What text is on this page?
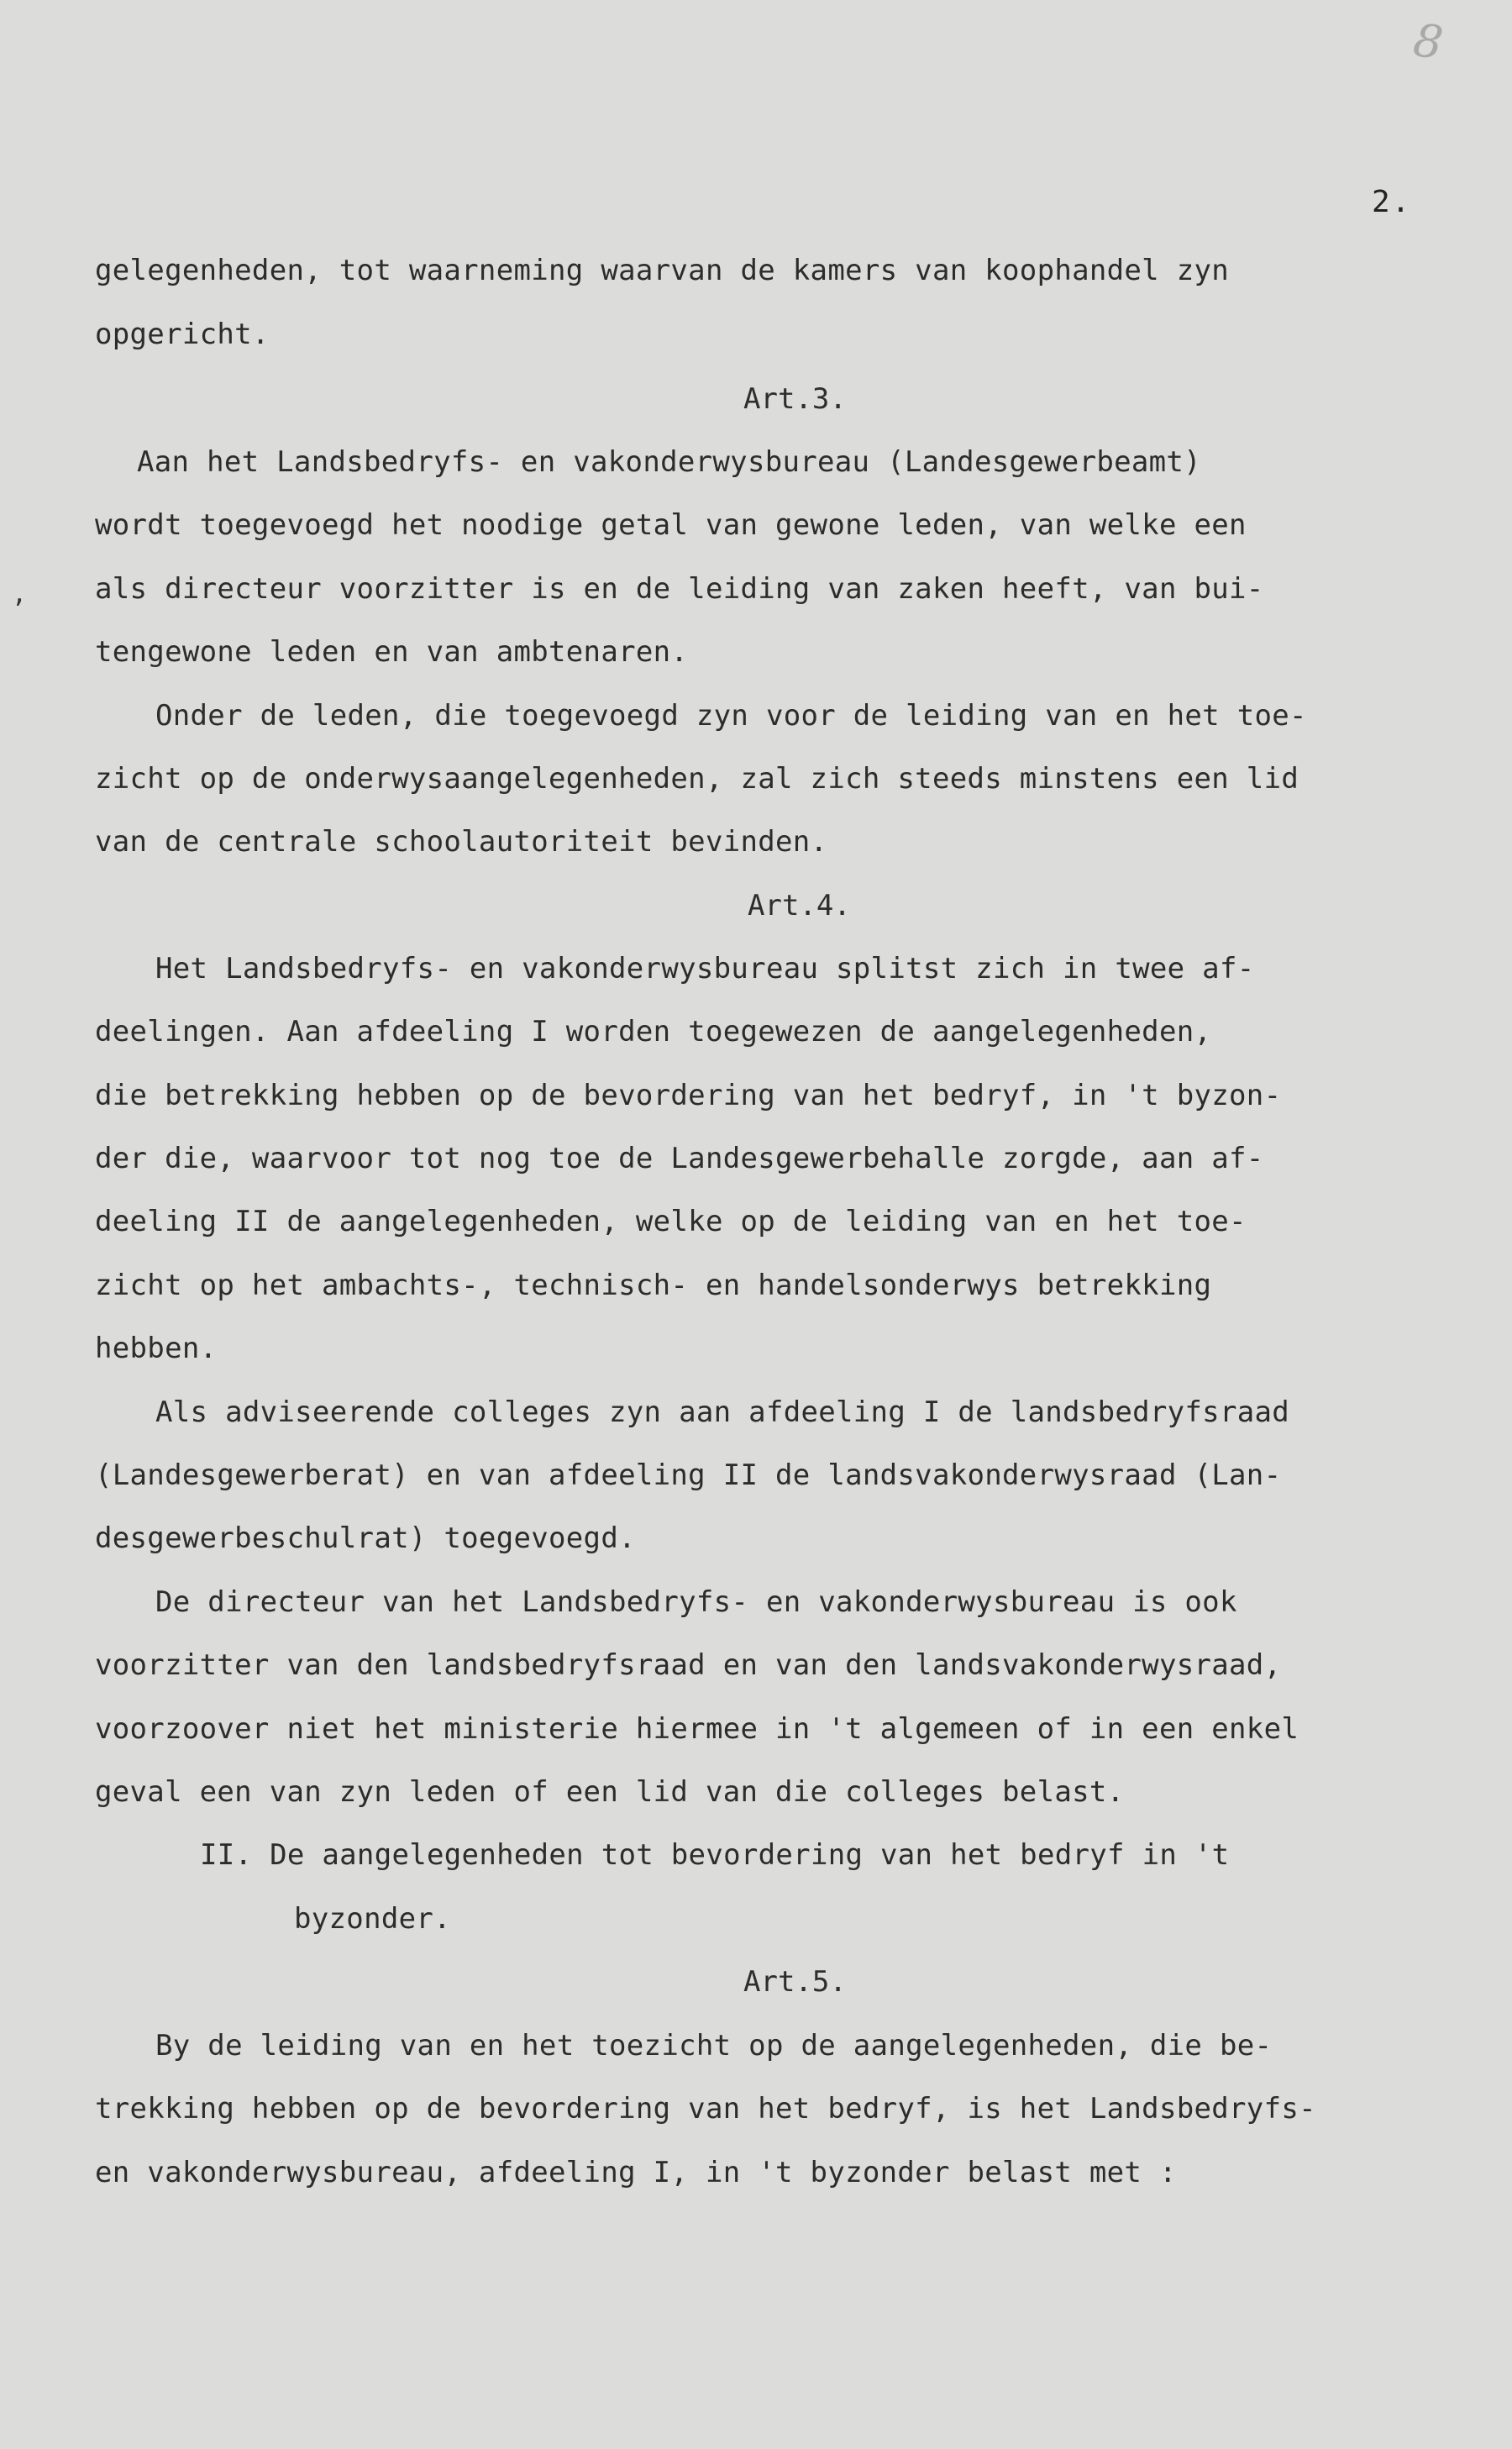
8
2.
,
gelegenheden, tot waarneming waarvan de kamers van koophandel zyn
opgericht.
Art.3.
Aan het Landsbedryfs- en vakonderwysbureau (Landesgewerbeamt)
wordt toegevoegd het noodige getal van gewone leden, van welke een
als directeur voorzitter is en de leiding van zaken heeft, van bui-
tengewone leden en van ambtenaren.
Onder de leden, die toegevoegd zyn voor de leiding van en het toe-
zicht op de onderwysaangelegenheden, zal zich steeds minstens een lid
van de centrale schoolautoriteit bevinden.
Art.4.
Het Landsbedryfs- en vakonderwysbureau splitst zich in twee af-
deelingen. Aan afdeeling I worden toegewezen de aangelegenheden,
die betrekking hebben op de bevordering van het bedryf, in 't byzon-
der die, waarvoor tot nog toe de Landesgewerbehalle zorgde, aan af-
deeling II de aangelegenheden, welke op de leiding van en het toe-
zicht op het ambachts-, technisch- en handelsonderwys betrekking
hebben.
Als adviseerende colleges zyn aan afdeeling I de landsbedryfsraad
(Landesgewerberat) en van afdeeling II de landsvakonderwysraad (Lan-
desgewerbeschulrat) toegevoegd.
De directeur van het Landsbedryfs- en vakonderwysbureau is ook
voorzitter van den landsbedryfsraad en van den landsvakonderwysraad,
voorzoover niet het ministerie hiermee in 't algemeen of in een enkel
geval een van zyn leden of een lid van die colleges belast.
II. De aangelegenheden tot bevordering van het bedryf in 't
byzonder.
Art.5.
By de leiding van en het toezicht op de aangelegenheden, die be-
trekking hebben op de bevordering van het bedryf, is het Landsbedryfs-
en vakonderwysbureau, afdeeling I, in 't byzonder belast met :
